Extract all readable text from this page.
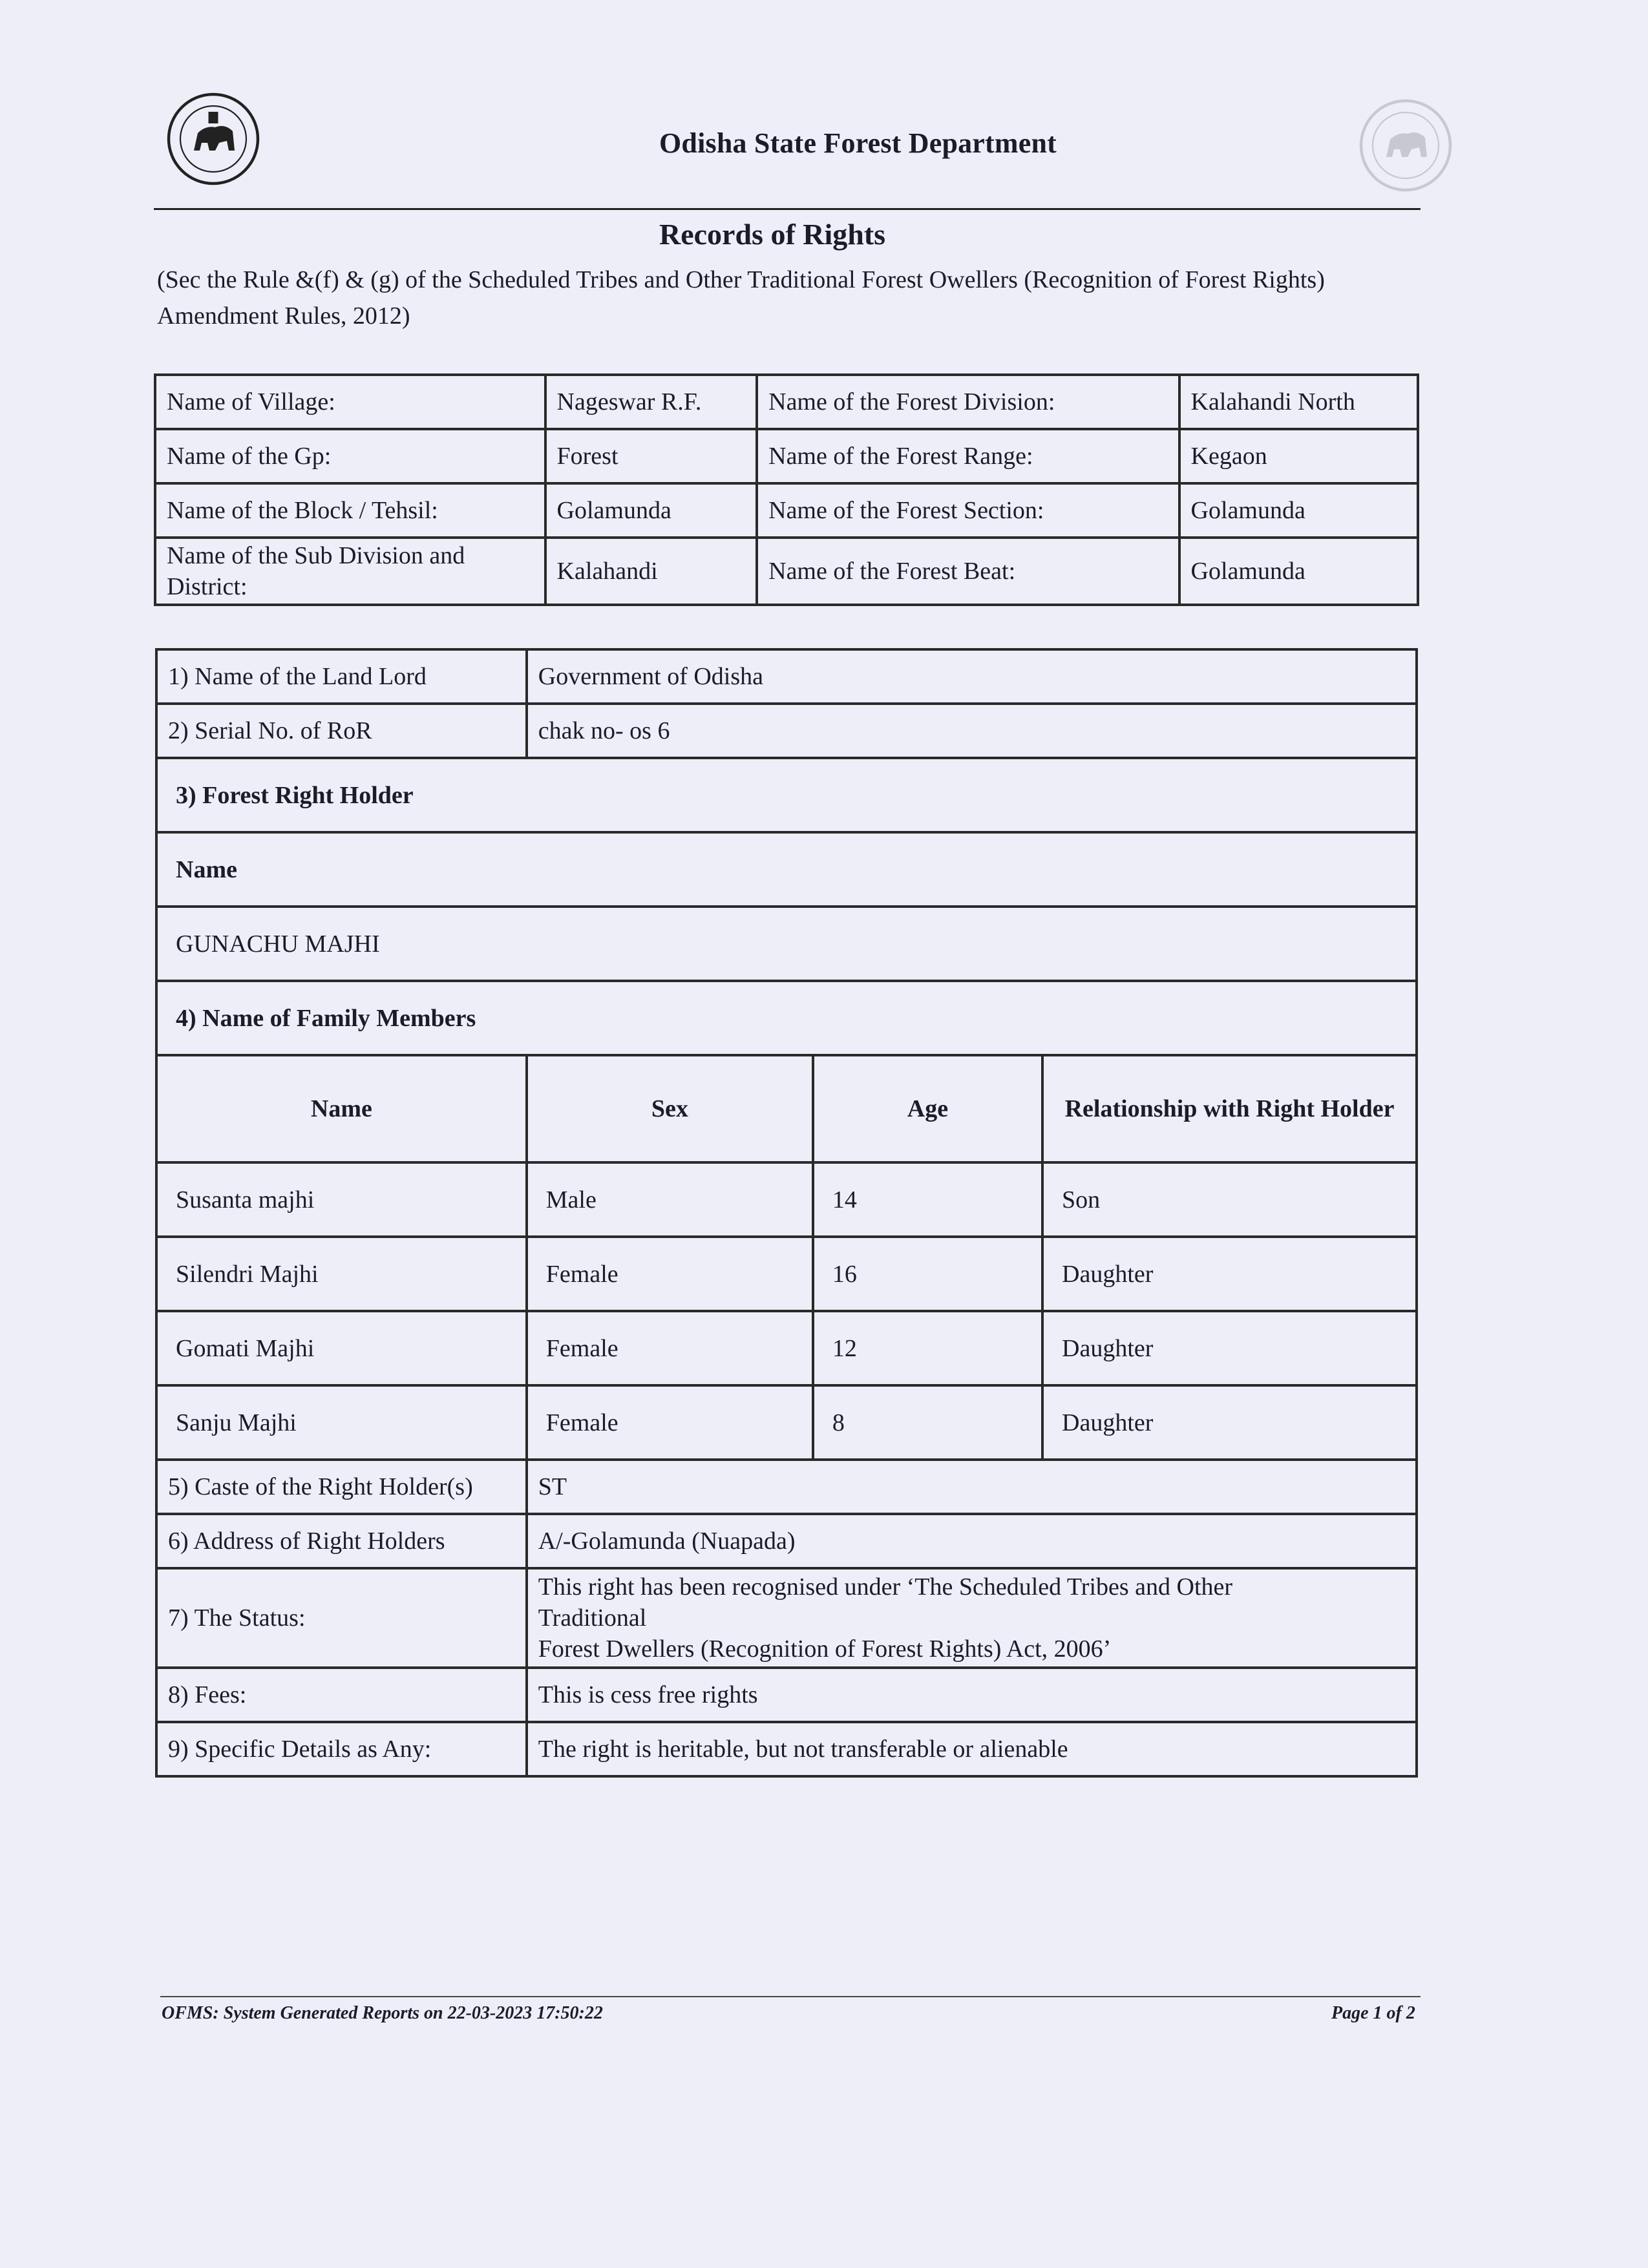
Odisha State Forest Department
Records of Rights
(Sec the Rule &(f) & (g) of the Scheduled Tribes and Other Traditional Forest Owellers (Recognition of Forest Rights) Amendment Rules, 2012)
Name of Village:	Nageswar R.F.	Name of the Forest Division:	Kalahandi North
Name of the Gp:	Forest	Name of the Forest Range:	Kegaon
Name of the Block / Tehsil:	Golamunda	Name of the Forest Section:	Golamunda
Name of the Sub Division and District:	Kalahandi	Name of the Forest Beat:	Golamunda
1) Name of the Land Lord	Government of Odisha		
2) Serial No. of RoR	chak no- os 6		
3) Forest Right Holder			
Name			
GUNACHU MAJHI			
4) Name of Family Members			
Name	Sex	Age	Relationship with Right Holder
Susanta majhi	Male	14	Son
Silendri Majhi	Female	16	Daughter
Gomati Majhi	Female	12	Daughter
Sanju Majhi	Female	8	Daughter
5) Caste of the Right Holder(s)	ST		
6) Address of Right Holders	A/-Golamunda (Nuapada)		
7) The Status:	This right has been recognised under ‘The Scheduled Tribes and Other
Traditional
Forest Dwellers (Recognition of Forest Rights) Act, 2006’		

8) Fees:	This is cess free rights		
9) Specific Details as Any:	The right is heritable, but not transferable or alienable		
OFMS: System Generated Reports on 22-03-2023 17:50:22	Page 1 of 2
